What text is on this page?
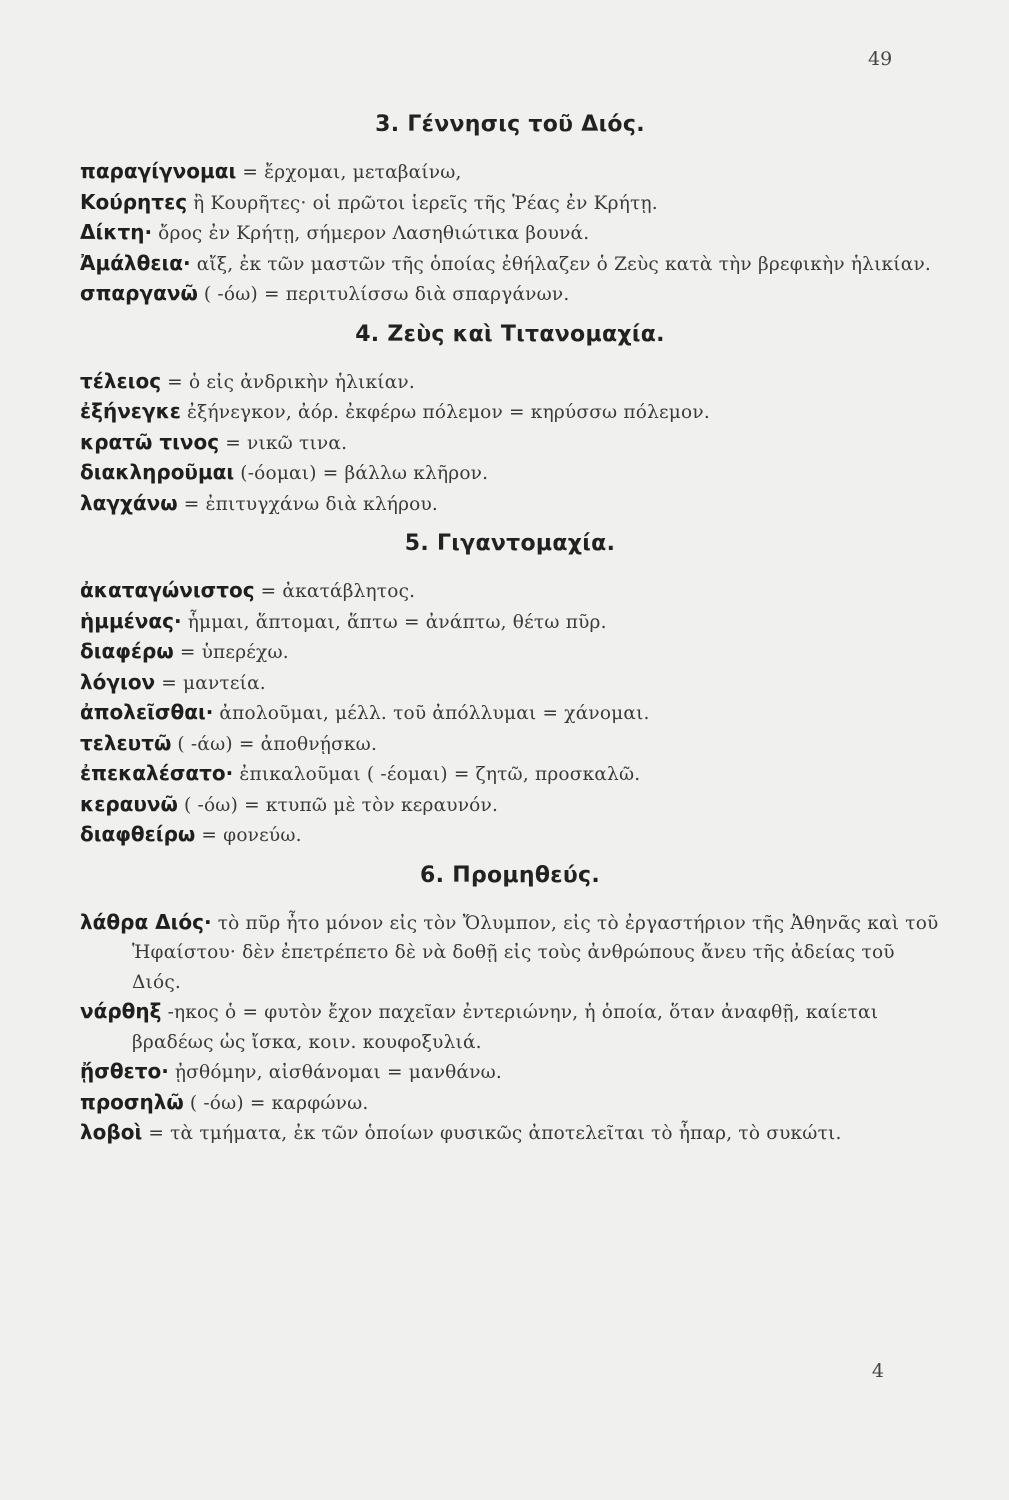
49
3. Γέννησις τοῦ Διός.

παραγίγνομαι = ἔρχομαι, μεταβαίνω,

Κούρητες ἢ Κουρῆτες· οἱ πρῶτοι ἱερεῖς τῆς Ῥέας ἐν Κρήτῃ.

Δίκτη· ὄρος ἐν Κρήτῃ, σήμερον Λασηθιώτικα βουνά.

Ἀμάλθεια· αἴξ, ἐκ τῶν μαστῶν τῆς ὁποίας ἐθήλαζεν ὁ Ζεὺς κατὰ τὴν βρεφικὴν ἡλικίαν.

σπαργανῶ ( -όω) = περιτυλίσσω διὰ σπαργάνων.

4. Ζεὺς καὶ Τιτανομαχία.

τέλειος = ὁ εἰς ἀνδρικὴν ἡλικίαν.

ἐξήνεγκε ἐξήνεγκον, ἀόρ. ἐκφέρω πόλεμον = κηρύσσω πόλεμον.

κρατῶ τινος = νικῶ τινα.

διακληροῦμαι (-όομαι) = βάλλω κλῆρον.

λαγχάνω = ἐπιτυγχάνω διὰ κλήρου.

5. Γιγαντομαχία.

ἀκαταγώνιστος = ἀκατάβλητος.

ἡμμένας· ἧμμαι, ἅπτομαι, ἅπτω = ἀνάπτω, θέτω πῦρ.

διαφέρω = ὑπερέχω.

λόγιον = μαντεία.

ἀπολεῖσθαι· ἀπολοῦμαι, μέλλ. τοῦ ἀπόλλυμαι = χάνομαι.

τελευτῶ ( -άω) = ἀποθνῄσκω.

ἐπεκαλέσατο· ἐπικαλοῦμαι ( -έομαι) = ζητῶ, προσκαλῶ.

κεραυνῶ ( -όω) = κτυπῶ μὲ τὸν κεραυνόν.

διαφθείρω = φονεύω.

6. Προμηθεύς.

λάθρα Διός· τὸ πῦρ ἦτο μόνον εἰς τὸν Ὄλυμπον, εἰς τὸ ἐργαστήριον τῆς Ἀθηνᾶς καὶ τοῦ Ἡφαίστου· δὲν ἐπετρέπετο δὲ νὰ δοθῇ εἰς τοὺς ἀνθρώπους ἄνευ τῆς ἀδείας τοῦ Διός.

νάρθηξ -ηκος ὁ = φυτὸν ἔχον παχεῖαν ἐντεριώνην, ἡ ὁποία, ὅταν ἀναφθῇ, καίεται βραδέως ὡς ἴσκα, κοιν. κουφοξυλιά.

ᾔσθετο· ᾐσθόμην, αἰσθάνομαι = μανθάνω.

προσηλῶ ( -όω) = καρφώνω.

λοβοὶ = τὰ τμήματα, ἐκ τῶν ὁποίων φυσικῶς ἀποτελεῖται τὸ ἧπαρ, τὸ συκώτι.

4
